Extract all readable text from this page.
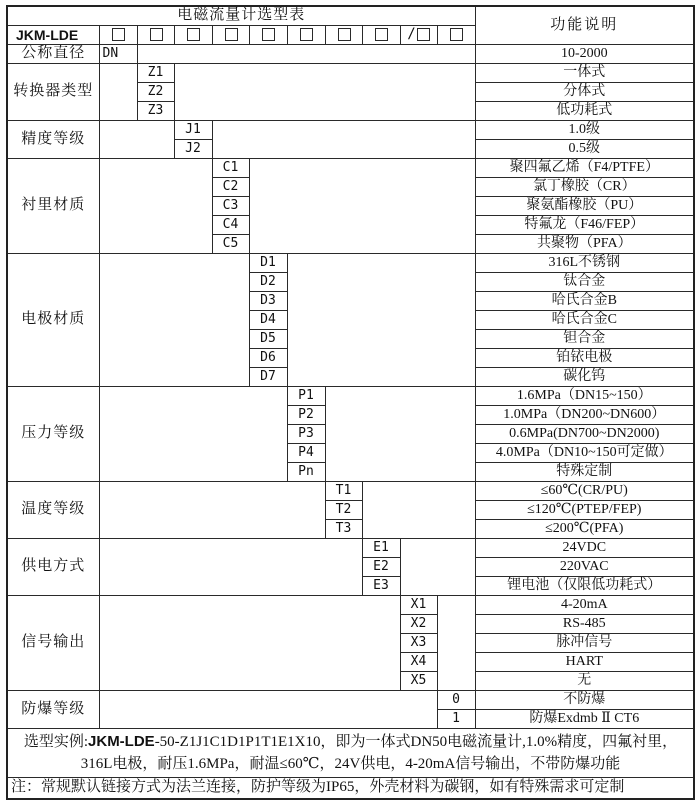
电磁流量计选型表											功能说明
JKM-LDE									/		
公称直径	DN										10-2000
转换器类型		Z1									一体式
		Z2									分体式
		Z3									低功耗式
精度等级			J1								1.0级
			J2								0.5级
衬里材质				C1							聚四氟乙烯（F4/PTFE）
				C2							氯丁橡胶（CR）
				C3							聚氨酯橡胶（PU）
				C4							特氟龙（F46/FEP）
				C5							共聚物（PFA）
电极材质					D1						316L不锈钢
					D2						钛合金
					D3						哈氏合金B
					D4						哈氏合金C
					D5						钽合金
					D6						铂铱电极
					D7						碳化钨
压力等级						P1					1.6MPa（DN15~150）
						P2					1.0MPa（DN200~DN600）
						P3					0.6MPa(DN700~DN2000)
						P4					4.0MPa（DN10~150可定做）
						Pn					特殊定制
温度等级							T1				≤60℃(CR/PU)
							T2				≤120℃(PTEP/FEP)
							T3				≤200℃(PFA)
供电方式								E1			24VDC
								E2			220VAC
								E3			锂电池（仅限低功耗式）
信号输出									X1		4-20mA
									X2		RS-485
									X3		脉冲信号
									X4		HART
									X5		无
防爆等级										0	不防爆
										1	防爆Exdmb Ⅱ CT6
选型实例:JKM-LDE-50-Z1J1C1D1P1T1E1X10，即为一体式DN50电磁流量计,1.0%精度，四氟衬里，316L电极，耐压1.6MPa，耐温≤60℃，24V供电，4-20mA信号输出，不带防爆功能											
注：常规默认链接方式为法兰连接，防护等级为IP65，外壳材料为碳钢，如有特殊需求可定制											
